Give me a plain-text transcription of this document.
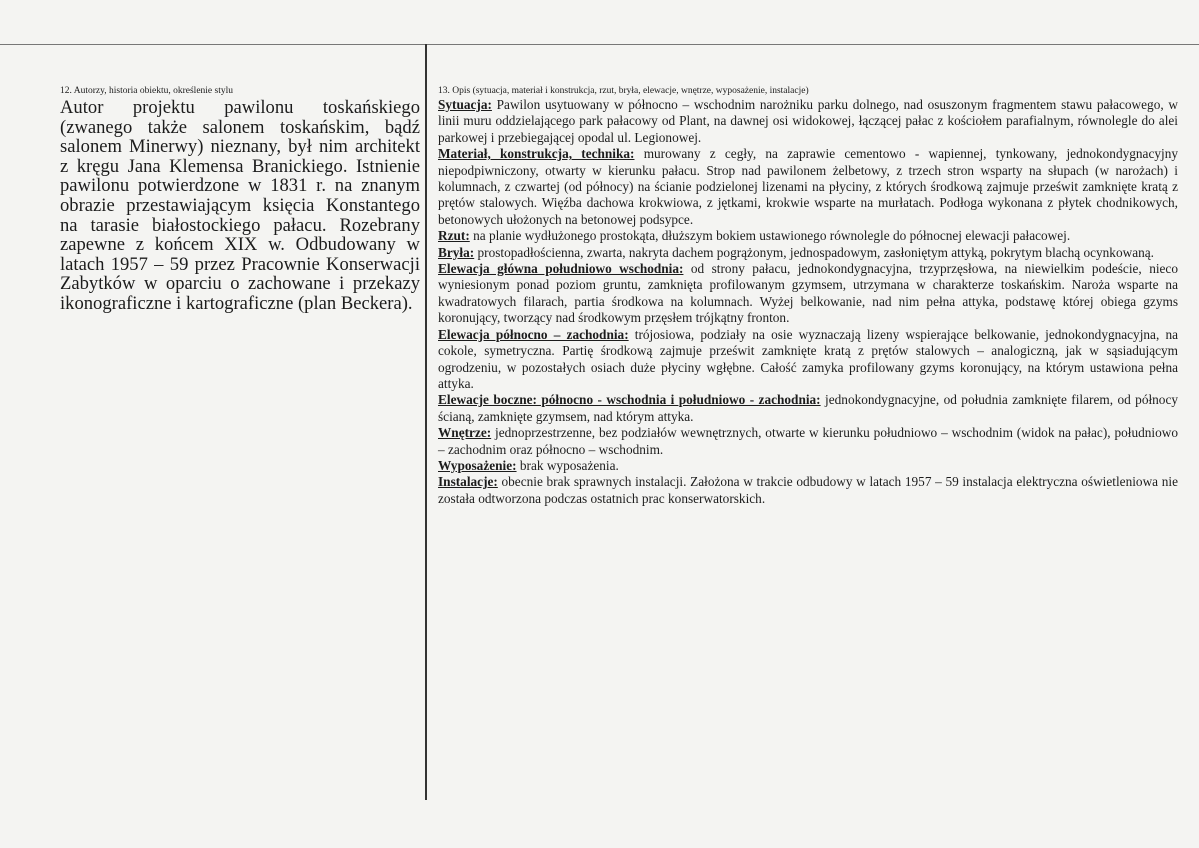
12. Autorzy, historia obiektu, określenie stylu
Autor projektu pawilonu toskańskiego (zwanego także salonem toskańskim, bądź salonem Minerwy) nieznany, był nim architekt z kręgu Jana Klemensa Branickiego. Istnienie pawilonu potwierdzone w 1831 r. na znanym obrazie przestawiającym księcia Konstantego na tarasie białostockiego pałacu. Rozebrany zapewne z końcem XIX w. Odbudowany w latach 1957 – 59 przez Pracownie Konserwacji Zabytków w oparciu o zachowane i przekazy ikonograficzne i kartograficzne (plan Beckera).
13. Opis (sytuacja, materiał i konstrukcja, rzut, bryła, elewacje, wnętrze, wyposażenie, instalacje)

Sytuacja: Pawilon usytuowany w północno – wschodnim narożniku parku dolnego, nad osuszonym fragmentem stawu pałacowego, w linii muru oddzielającego park pałacowy od Plant, na dawnej osi widokowej, łączącej pałac z kościołem parafialnym, równolegle do alei parkowej i przebiegającej opodal ul. Legionowej.

Materiał, konstrukcja, technika: murowany z cegły, na zaprawie cementowo - wapiennej, tynkowany, jednokondygnacyjny niepodpiwniczony, otwarty w kierunku pałacu. Strop nad pawilonem żelbetowy, z trzech stron wsparty na słupach (w narożach) i kolumnach, z czwartej (od północy) na ścianie podzielonej lizenami na płyciny, z których środkową zajmuje prześwit zamknięte kratą z prętów stalowych. Więźba dachowa krokwiowa, z jętkami, krokwie wsparte na murłatach. Podłoga wykonana z płytek chodnikowych, betonowych ułożonych na betonowej podsypce.

Rzut: na planie wydłużonego prostokąta, dłuższym bokiem ustawionego równolegle do północnej elewacji pałacowej.

Bryła: prostopadłościenna, zwarta, nakryta dachem pogrążonym, jednospadowym, zasłoniętym attyką, pokrytym blachą ocynkowaną.

Elewacja główna południowo wschodnia: od strony pałacu, jednokondygnacyjna, trzyprzęsłowa, na niewielkim podeście, nieco wyniesionym ponad poziom gruntu, zamknięta profilowanym gzymsem, utrzymana w charakterze toskańskim. Naroża wsparte na kwadratowych filarach, partia środkowa na kolumnach. Wyżej belkowanie, nad nim pełna attyka, podstawę której obiega gzyms koronujący, tworzący nad środkowym przęsłem trójkątny fronton.

Elewacja północno – zachodnia: trójosiowa, podziały na osie wyznaczają lizeny wspierające belkowanie, jednokondygnacyjna, na cokole, symetryczna. Partię środkową zajmuje prześwit zamknięte kratą z prętów stalowych – analogiczną, jak w sąsiadującym ogrodzeniu, w pozostałych osiach duże płyciny wgłębne. Całość zamyka profilowany gzyms koronujący, na którym ustawiona pełna attyka.

Elewacje boczne: północno - wschodnia i południowo - zachodnia: jednokondygnacyjne, od południa zamknięte filarem, od północy ścianą, zamknięte gzymsem, nad którym attyka.

Wnętrze: jednoprzestrzenne, bez podziałów wewnętrznych, otwarte w kierunku południowo – wschodnim (widok na pałac), południowo – zachodnim oraz północno – wschodnim.

Wyposażenie: brak wyposażenia.

Instalacje: obecnie brak sprawnych instalacji. Założona w trakcie odbudowy w latach 1957 – 59 instalacja elektryczna oświetleniowa nie została odtworzona podczas ostatnich prac konserwatorskich.
